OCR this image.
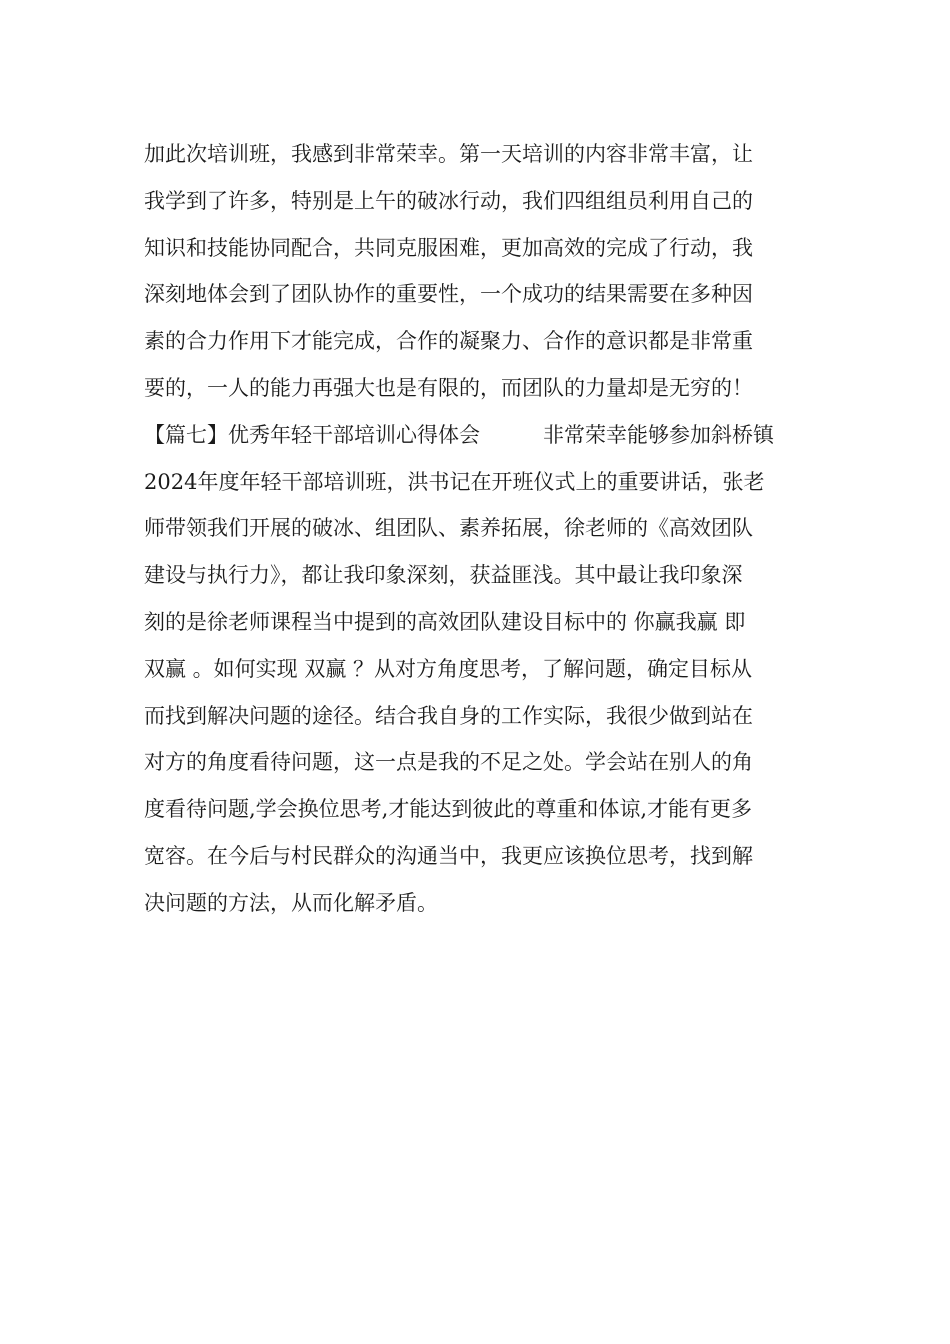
加此次培训班，我感到非常荣幸。第一天培训的内容非常丰富，让
我学到了许多，特别是上午的破冰行动，我们四组组员利用自己的
知识和技能协同配合，共同克服困难，更加高效的完成了行动，我
深刻地体会到了团队协作的重要性，一个成功的结果需要在多种因
素的合力作用下才能完成，合作的凝聚力、合作的意识都是非常重
要的，一人的能力再强大也是有限的，而团队的力量却是无穷的！
【篇七】优秀年轻干部培训心得体会　　　非常荣幸能够参加斜桥镇
2024年度年轻干部培训班，洪书记在开班仪式上的重要讲话，张老
师带领我们开展的破冰、组团队、素养拓展，徐老师的《高效团队
建设与执行力》，都让我印象深刻，获益匪浅。其中最让我印象深
刻的是徐老师课程当中提到的高效团队建设目标中的 你赢我赢 即
双赢 。如何实现 双赢 ？从对方角度思考，了解问题，确定目标从
而找到解决问题的途径。结合我自身的工作实际，我很少做到站在
对方的角度看待问题，这一点是我的不足之处。学会站在别人的角
度看待问题,学会换位思考,才能达到彼此的尊重和体谅,才能有更多
宽容。在今后与村民群众的沟通当中，我更应该换位思考，找到解
决问题的方法，从而化解矛盾。
